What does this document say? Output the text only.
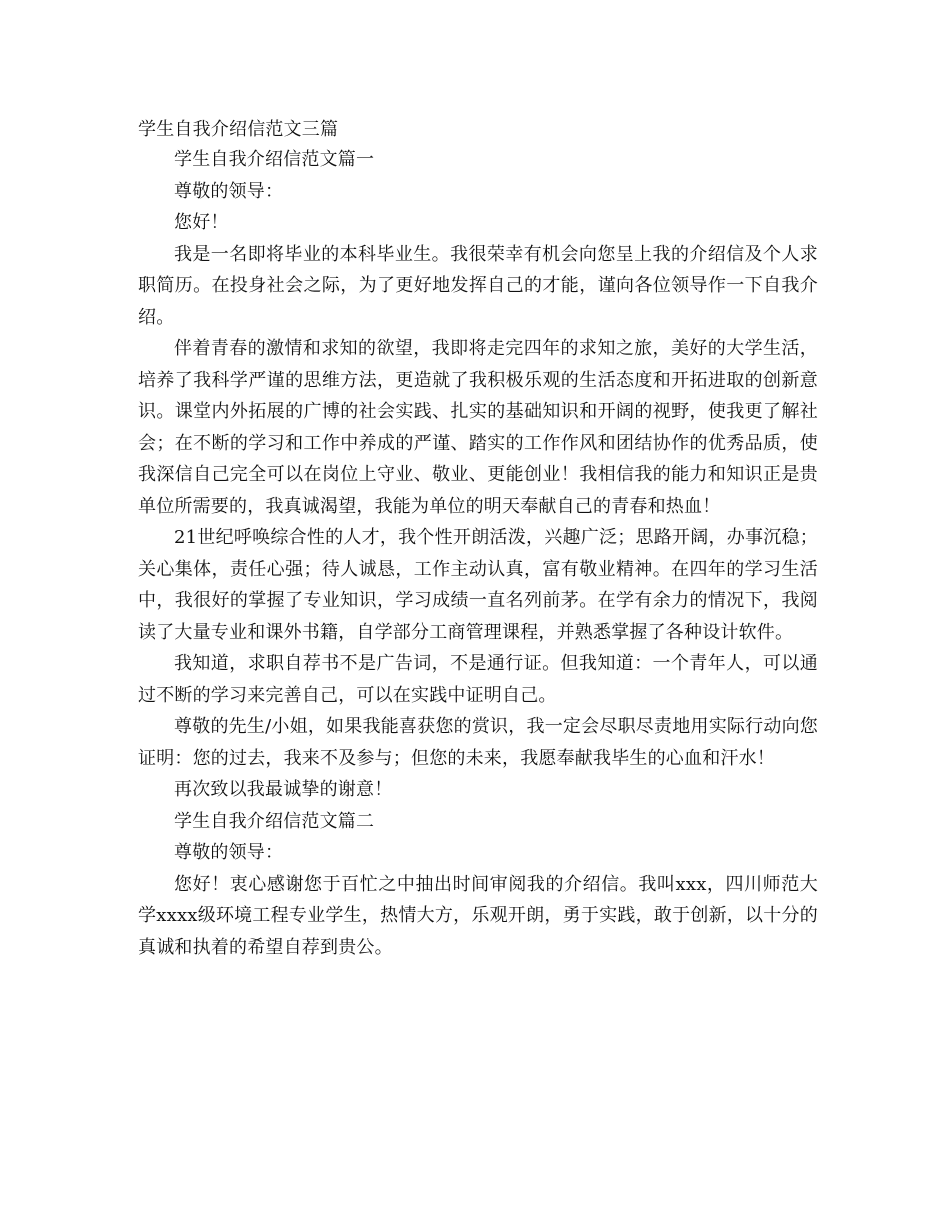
学生自我介绍信范文三篇
学生自我介绍信范文篇一

尊敬的领导：

您好！

我是一名即将毕业的本科毕业生。我很荣幸有机会向您呈上我的介绍信及个人求职简历。在投身社会之际，为了更好地发挥自己的才能，谨向各位领导作一下自我介绍。

伴着青春的激情和求知的欲望，我即将走完四年的求知之旅，美好的大学生活，培养了我科学严谨的思维方法，更造就了我积极乐观的生活态度和开拓进取的创新意识。课堂内外拓展的广博的社会实践、扎实的基础知识和开阔的视野，使我更了解社会；在不断的学习和工作中养成的严谨、踏实的工作作风和团结协作的优秀品质，使我深信自己完全可以在岗位上守业、敬业、更能创业！我相信我的能力和知识正是贵单位所需要的，我真诚渴望，我能为单位的明天奉献自己的青春和热血！

21世纪呼唤综合性的人才，我个性开朗活泼，兴趣广泛；思路开阔，办事沉稳；关心集体，责任心强；待人诚恳，工作主动认真，富有敬业精神。在四年的学习生活中，我很好的掌握了专业知识，学习成绩一直名列前茅。在学有余力的情况下，我阅读了大量专业和课外书籍，自学部分工商管理课程，并熟悉掌握了各种设计软件。

我知道，求职自荐书不是广告词，不是通行证。但我知道：一个青年人，可以通过不断的学习来完善自己，可以在实践中证明自己。

尊敬的先生/小姐，如果我能喜获您的赏识，我一定会尽职尽责地用实际行动向您证明：您的过去，我来不及参与；但您的未来，我愿奉献我毕生的心血和汗水！

再次致以我最诚挚的谢意！

学生自我介绍信范文篇二

尊敬的领导：

您好！衷心感谢您于百忙之中抽出时间审阅我的介绍信。我叫xxx，四川师范大学xxxx级环境工程专业学生，热情大方，乐观开朗，勇于实践，敢于创新，以十分的真诚和执着的希望自荐到贵公。
